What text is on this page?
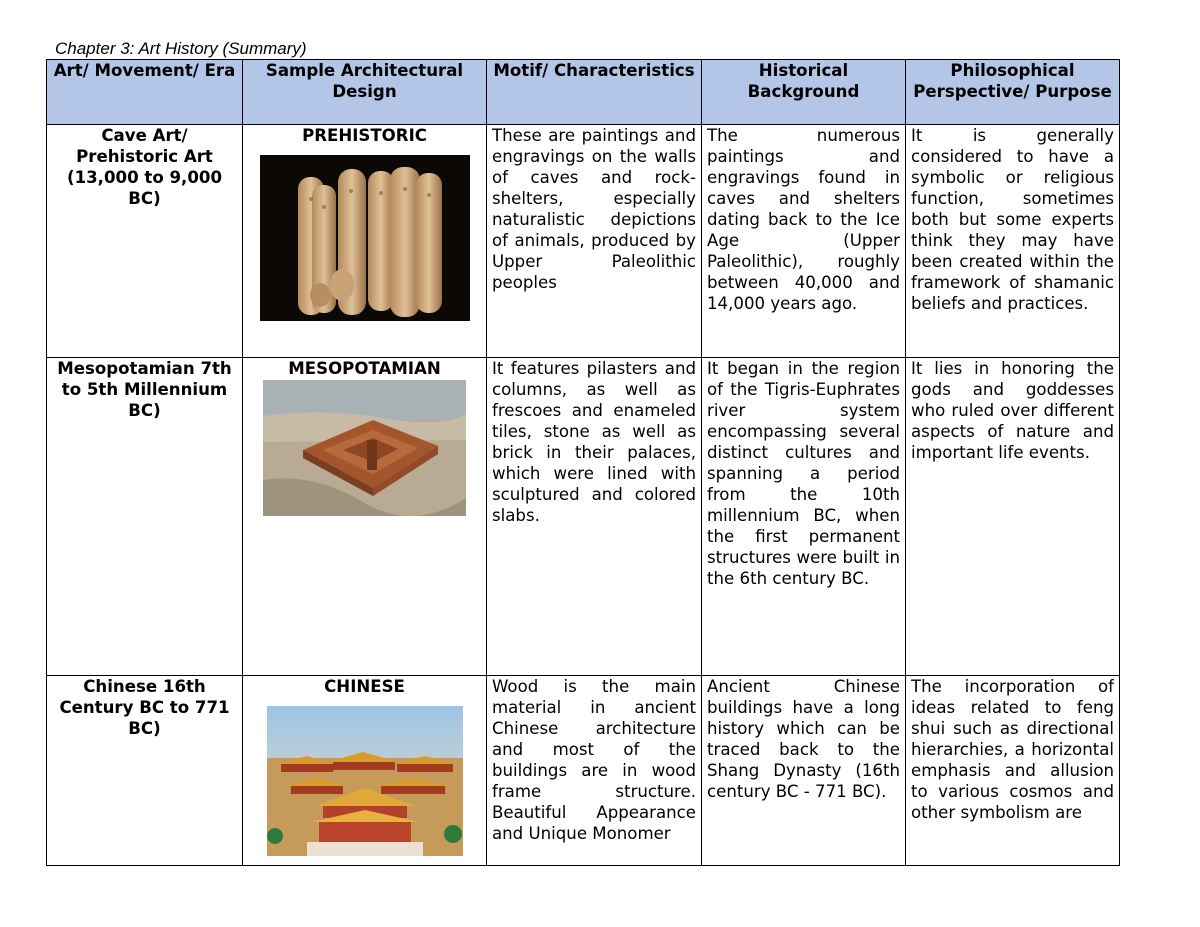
Chapter 3: Art History (Summary)
Art/ Movement/ Era	Sample Architectural Design	Motif/ Characteristics	Historical Background	Philosophical Perspective/ Purpose
Cave Art/ Prehistoric Art (13,000 to 9,000 BC)	PREHISTORIC	These are paintings and engravings on the walls of caves and rock- shelters, especially naturalistic depictions of animals, produced by Upper Paleolithic peoples	The numerous paintings and engravings found in caves and shelters dating back to the Ice Age (Upper Paleolithic), roughly between 40,000 and 14,000 years ago.	It is generally considered to have a symbolic or religious function, sometimes both but some experts think they may have been created within the framework of shamanic beliefs and practices.
Mesopotamian 7th to 5th Millennium BC)	MESOPOTAMIAN	It features pilasters and columns, as well as frescoes and enameled tiles, stone as well as brick in their palaces, which were lined with sculptured and colored slabs.	It began in the region of the Tigris-Euphrates river system encompassing several distinct cultures and spanning a period from the 10th millennium BC, when the first permanent structures were built in the 6th century BC.	It lies in honoring the gods and goddesses who ruled over different aspects of nature and important life events.

Chinese 16th Century BC to 771 BC)	CHINESE	Wood is the main material in ancient Chinese architecture and most of the buildings are in wood frame structure. Beautiful Appearance and Unique Monomer	Ancient Chinese buildings have a long history which can be traced back to the Shang Dynasty (16th century BC - 771 BC).	The incorporation of ideas related to feng shui such as directional hierarchies, a horizontal emphasis and allusion to various cosmos and other symbolism are
